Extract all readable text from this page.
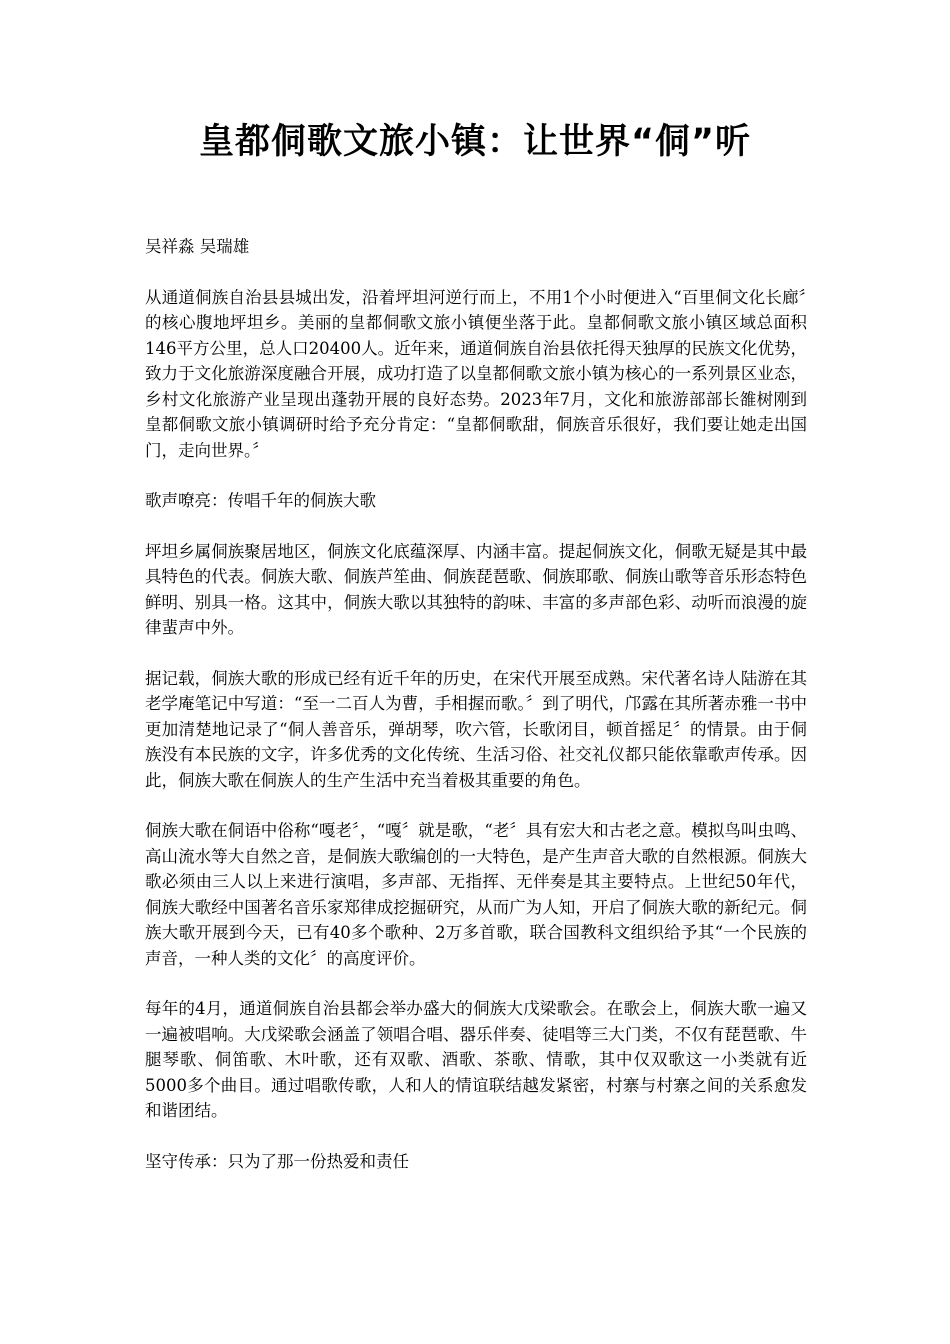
皇都侗歌文旅小镇：让世界“侗”听

吴祥淼 吴瑞雄

从通道侗族自治县县城出发，沿着坪坦河逆行而上，不用1个小时便进入“百里侗文化长廊〞的核心腹地坪坦乡。美丽的皇都侗歌文旅小镇便坐落于此。皇都侗歌文旅小镇区域总面积146平方公里，总人口20400人。近年来，通道侗族自治县依托得天独厚的民族文化优势，致力于文化旅游深度融合开展，成功打造了以皇都侗歌文旅小镇为核心的一系列景区业态，乡村文化旅游产业呈现出蓬勃开展的良好态势。2023年7月，文化和旅游部部长雒树刚到皇都侗歌文旅小镇调研时给予充分肯定：“皇都侗歌甜，侗族音乐很好，我们要让她走出国门，走向世界。〞

歌声嘹亮：传唱千年的侗族大歌

坪坦乡属侗族聚居地区，侗族文化底蕴深厚、内涵丰富。提起侗族文化，侗歌无疑是其中最具特色的代表。侗族大歌、侗族芦笙曲、侗族琵琶歌、侗族耶歌、侗族山歌等音乐形态特色鲜明、别具一格。这其中，侗族大歌以其独特的韵味、丰富的多声部色彩、动听而浪漫的旋律蜚声中外。

据记载，侗族大歌的形成已经有近千年的历史，在宋代开展至成熟。宋代著名诗人陆游在其老学庵笔记中写道：“至一二百人为曹，手相握而歌。〞到了明代，邝露在其所著赤雅一书中更加清楚地记录了“侗人善音乐，弹胡琴，吹六管，长歌闭目，顿首摇足〞的情景。由于侗族没有本民族的文字，许多优秀的文化传统、生活习俗、社交礼仪都只能依靠歌声传承。因此，侗族大歌在侗族人的生产生活中充当着极其重要的角色。

侗族大歌在侗语中俗称“嘎老〞，“嘎〞就是歌，“老〞具有宏大和古老之意。模拟鸟叫虫鸣、高山流水等大自然之音，是侗族大歌编创的一大特色，是产生声音大歌的自然根源。侗族大歌必须由三人以上来进行演唱，多声部、无指挥、无伴奏是其主要特点。上世纪50年代，侗族大歌经中国著名音乐家郑律成挖掘研究，从而广为人知，开启了侗族大歌的新纪元。侗族大歌开展到今天，已有40多个歌种、2万多首歌，联合国教科文组织给予其“一个民族的声音，一种人类的文化〞的高度评价。

每年的4月，通道侗族自治县都会举办盛大的侗族大戊梁歌会。在歌会上，侗族大歌一遍又一遍被唱响。大戊梁歌会涵盖了领唱合唱、器乐伴奏、徒唱等三大门类，不仅有琵琶歌、牛腿琴歌、侗笛歌、木叶歌，还有双歌、酒歌、茶歌、情歌，其中仅双歌这一小类就有近5000多个曲目。通过唱歌传歌，人和人的情谊联结越发紧密，村寨与村寨之间的关系愈发和谐团结。

坚守传承：只为了那一份热爱和责任
